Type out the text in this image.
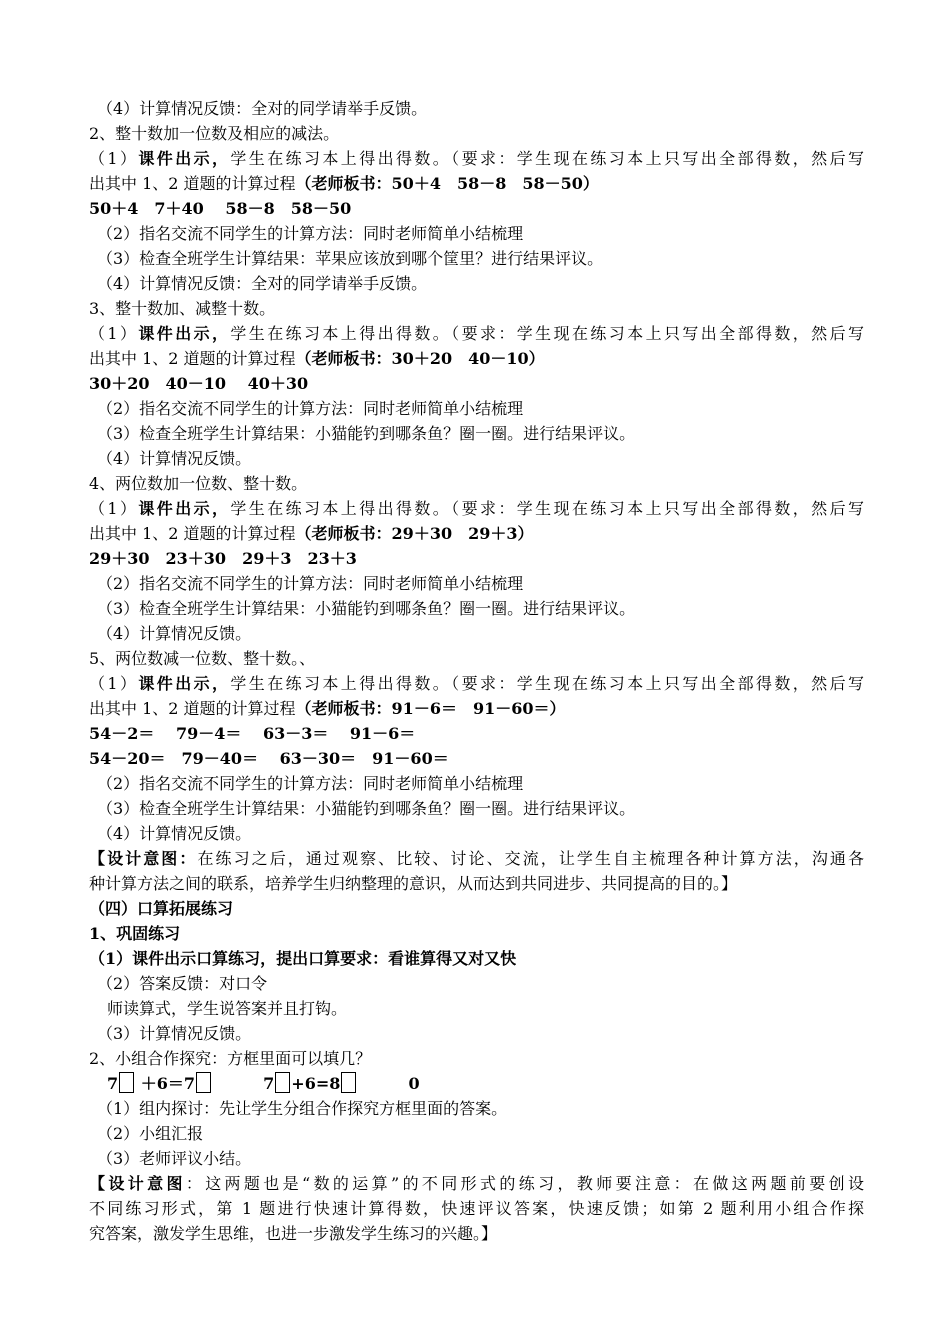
（4）计算情况反馈：全对的同学请举手反馈。
2、整十数加一位数及相应的减法。
（1）课件出示，学生在练习本上得出得数。（要求：学生现在练习本上只写出全部得数，然后写
出其中 1、2 道题的计算过程（老师板书：50＋4　58－8　58－50）
50＋4　7＋40　 58－8　58－50
（2）指名交流不同学生的计算方法：同时老师简单小结梳理
（3）检查全班学生计算结果：苹果应该放到哪个筐里？进行结果评议。
（4）计算情况反馈：全对的同学请举手反馈。
3、整十数加、减整十数。
（1）课件出示，学生在练习本上得出得数。（要求：学生现在练习本上只写出全部得数，然后写
出其中 1、2 道题的计算过程（老师板书：30＋20　40－10）
30＋20　40－10　 40＋30
（2）指名交流不同学生的计算方法：同时老师简单小结梳理
（3）检查全班学生计算结果：小猫能钓到哪条鱼？圈一圈。进行结果评议。
（4）计算情况反馈。
4、两位数加一位数、整十数。
（1）课件出示，学生在练习本上得出得数。（要求：学生现在练习本上只写出全部得数，然后写
出其中 1、2 道题的计算过程（老师板书：29＋30　29＋3）
29＋30　23＋30　29＋3　23＋3
（2）指名交流不同学生的计算方法：同时老师简单小结梳理
（3）检查全班学生计算结果：小猫能钓到哪条鱼？圈一圈。进行结果评议。
（4）计算情况反馈。
5、两位数减一位数、整十数。、
（1）课件出示，学生在练习本上得出得数。（要求：学生现在练习本上只写出全部得数，然后写
出其中 1、2 道题的计算过程（老师板书：91－6＝　91－60＝）
54－2＝　 79－4＝　 63－3＝　 91－6＝
54－20＝　79－40＝　 63－30＝　91－60＝
（2）指名交流不同学生的计算方法：同时老师简单小结梳理
（3）检查全班学生计算结果：小猫能钓到哪条鱼？圈一圈。进行结果评议。
（4）计算情况反馈。
【设计意图：在练习之后，通过观察、比较、讨论、交流，让学生自主梳理各种计算方法，沟通各
种计算方法之间的联系，培养学生归纳整理的意识，从而达到共同进步、共同提高的目的。】
（四）口算拓展练习
1、巩固练习
（1）课件出示口算练习，提出口算要求：看谁算得又对又快
（2）答案反馈：对口令
师读算式，学生说答案并且打钩。
（3）计算情况反馈。
2、小组合作探究：方框里面可以填几？
7 ＋6＝7	7 +6=8	0
（1）组内探讨：先让学生分组合作探究方框里面的答案。
（2）小组汇报
（3）老师评议小结。
【设计意图：这两题也是“数的运算”的不同形式的练习，教师要注意：在做这两题前要创设
不同练习形式，第 1 题进行快速计算得数，快速评议答案，快速反馈；如第 2 题利用小组合作探
究答案，激发学生思维，也进一步激发学生练习的兴趣。】
